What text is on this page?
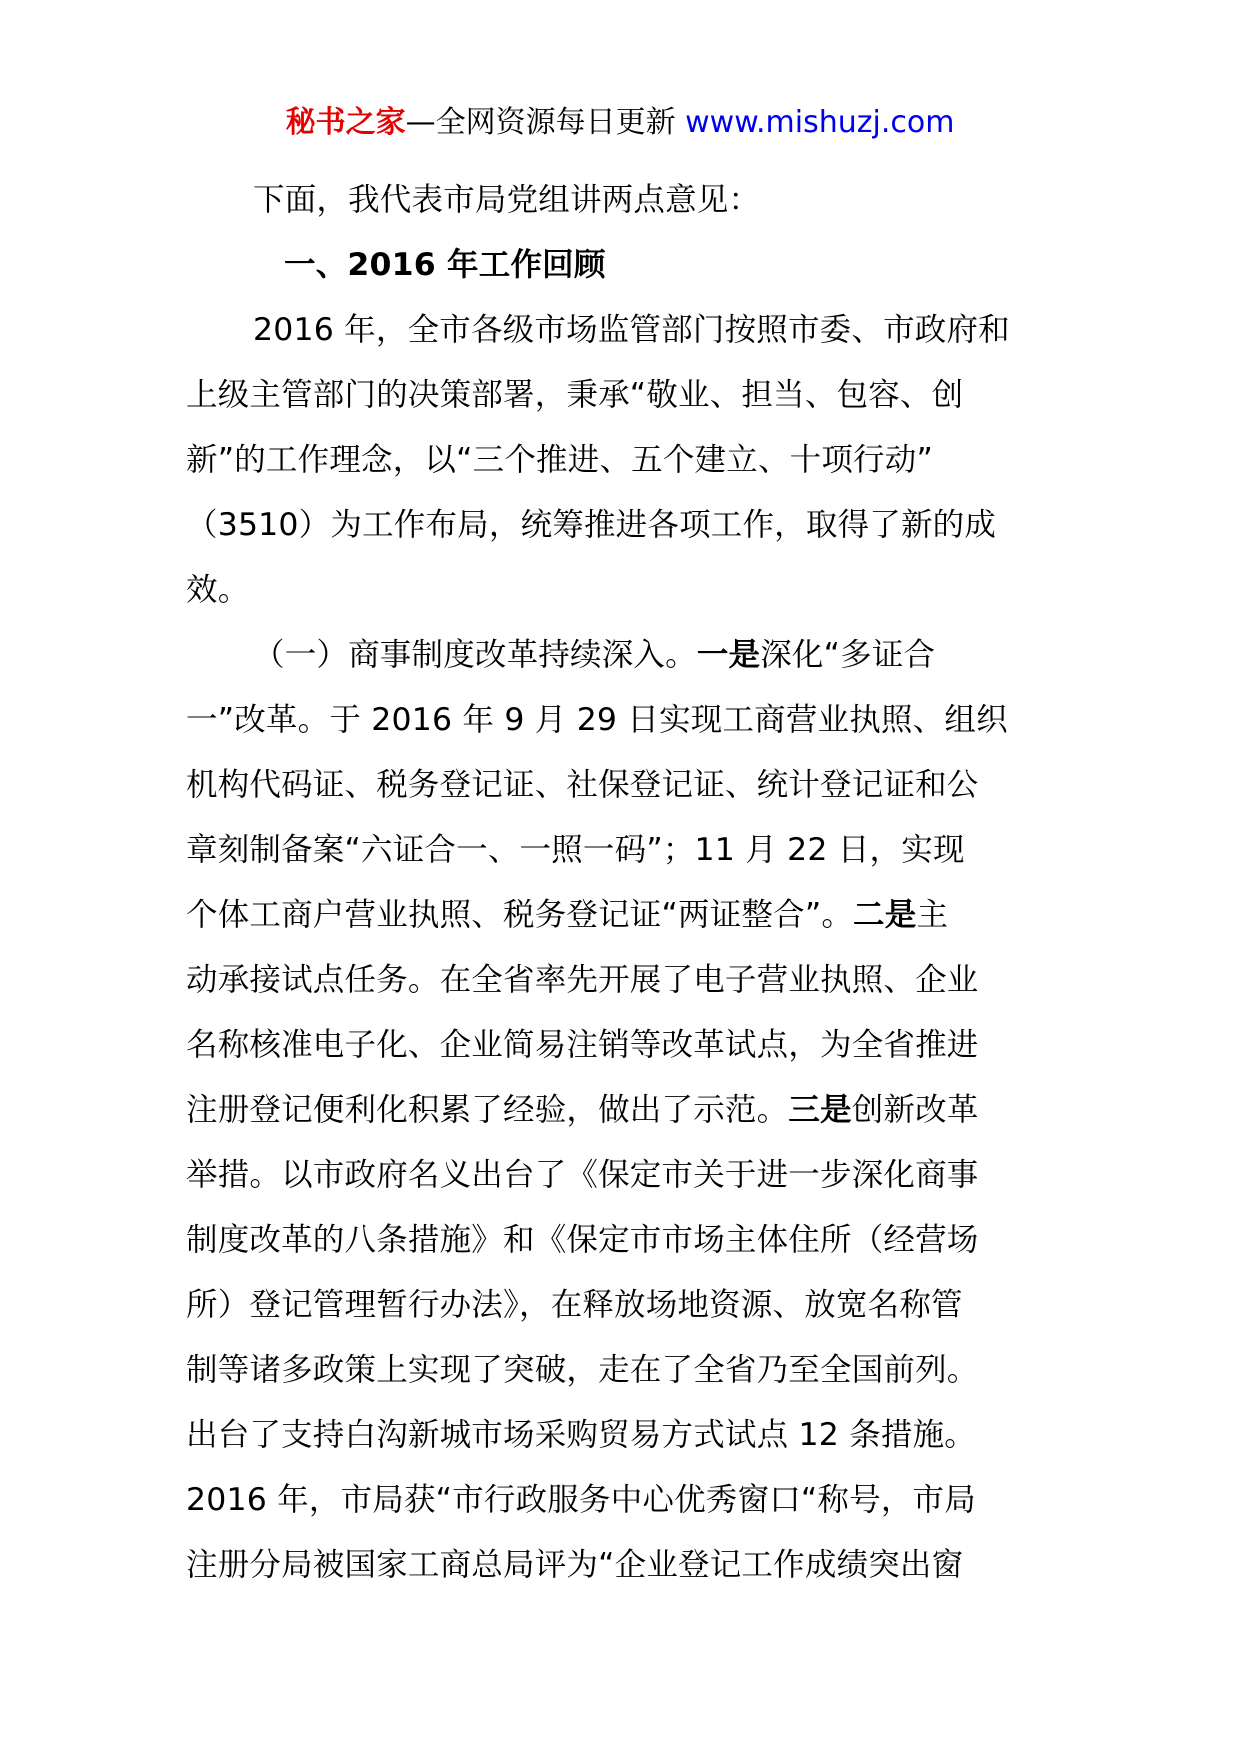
秘书之家—全网资源每日更新 www.mishuzj.com
下面，我代表市局党组讲两点意见：
一、2016 年工作回顾
2016 年，全市各级市场监管部门按照市委、市政府和
上级主管部门的决策部署，秉承“敬业、担当、包容、创
新”的工作理念，以“三个推进、五个建立、十项行动”
（3510）为工作布局，统筹推进各项工作，取得了新的成
效。
（一）商事制度改革持续深入。一是深化“多证合
一”改革。于 2016 年 9 月 29 日实现工商营业执照、组织
机构代码证、税务登记证、社保登记证、统计登记证和公
章刻制备案“六证合一、一照一码”；11 月 22 日，实现
个体工商户营业执照、税务登记证“两证整合”。二是主
动承接试点任务。在全省率先开展了电子营业执照、企业
名称核准电子化、企业简易注销等改革试点，为全省推进
注册登记便利化积累了经验，做出了示范。三是创新改革
举措。以市政府名义出台了《保定市关于进一步深化商事
制度改革的八条措施》和《保定市市场主体住所（经营场
所）登记管理暂行办法》，在释放场地资源、放宽名称管
制等诸多政策上实现了突破，走在了全省乃至全国前列。
出台了支持白沟新城市场采购贸易方式试点 12 条措施。
2016 年，市局获“市行政服务中心优秀窗口“称号，市局
注册分局被国家工商总局评为“企业登记工作成绩突出窗
